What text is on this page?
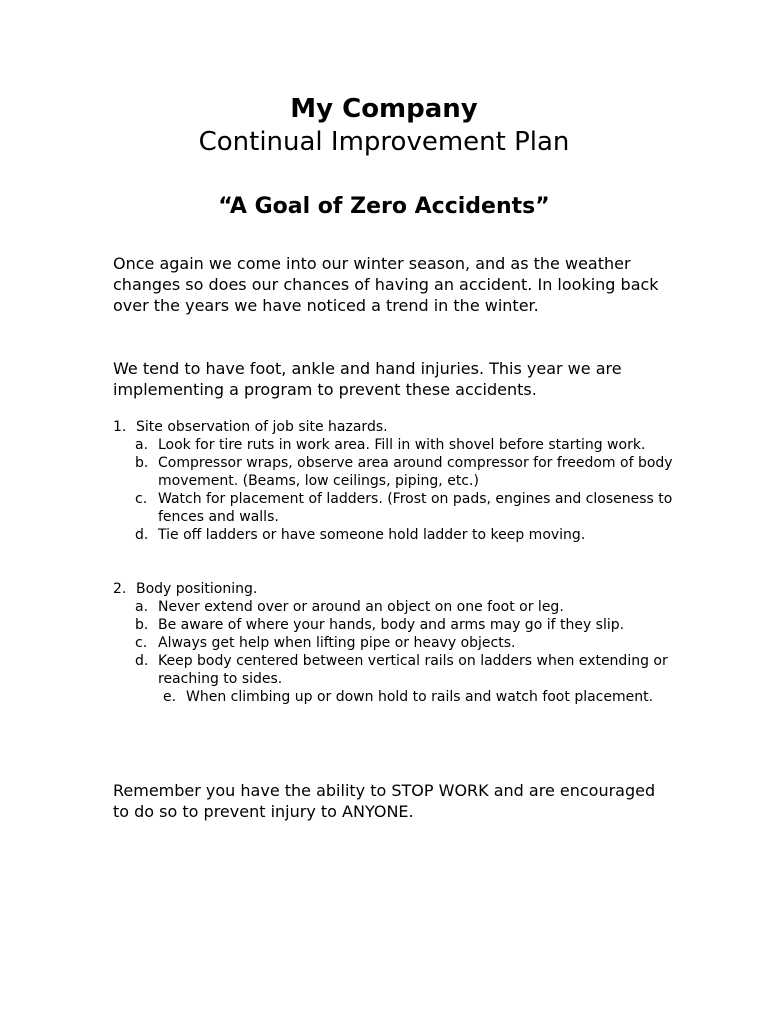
My Company
Continual Improvement Plan
“A Goal of Zero Accidents”
Once again we come into our winter season, and as the weather changes so does our chances of having an accident. In looking back over the years we have noticed a trend in the winter.
We tend to have foot, ankle and hand injuries. This year we are implementing a program to prevent these accidents.
1. Site observation of job site hazards.
a. Look for tire ruts in work area. Fill in with shovel before starting work.
b. Compressor wraps, observe area around compressor for freedom of body movement. (Beams, low ceilings, piping, etc.)
c. Watch for placement of ladders. (Frost on pads, engines and closeness to fences and walls.
d. Tie off ladders or have someone hold ladder to keep moving.
2. Body positioning.
a. Never extend over or around an object on one foot or leg.
b. Be aware of where your hands, body and arms may go if they slip.
c. Always get help when lifting pipe or heavy objects.
d. Keep body centered between vertical rails on ladders when extending or reaching to sides.
e. When climbing up or down hold to rails and watch foot placement.
Remember you have the ability to STOP WORK and are encouraged to do so to prevent injury to ANYONE.
